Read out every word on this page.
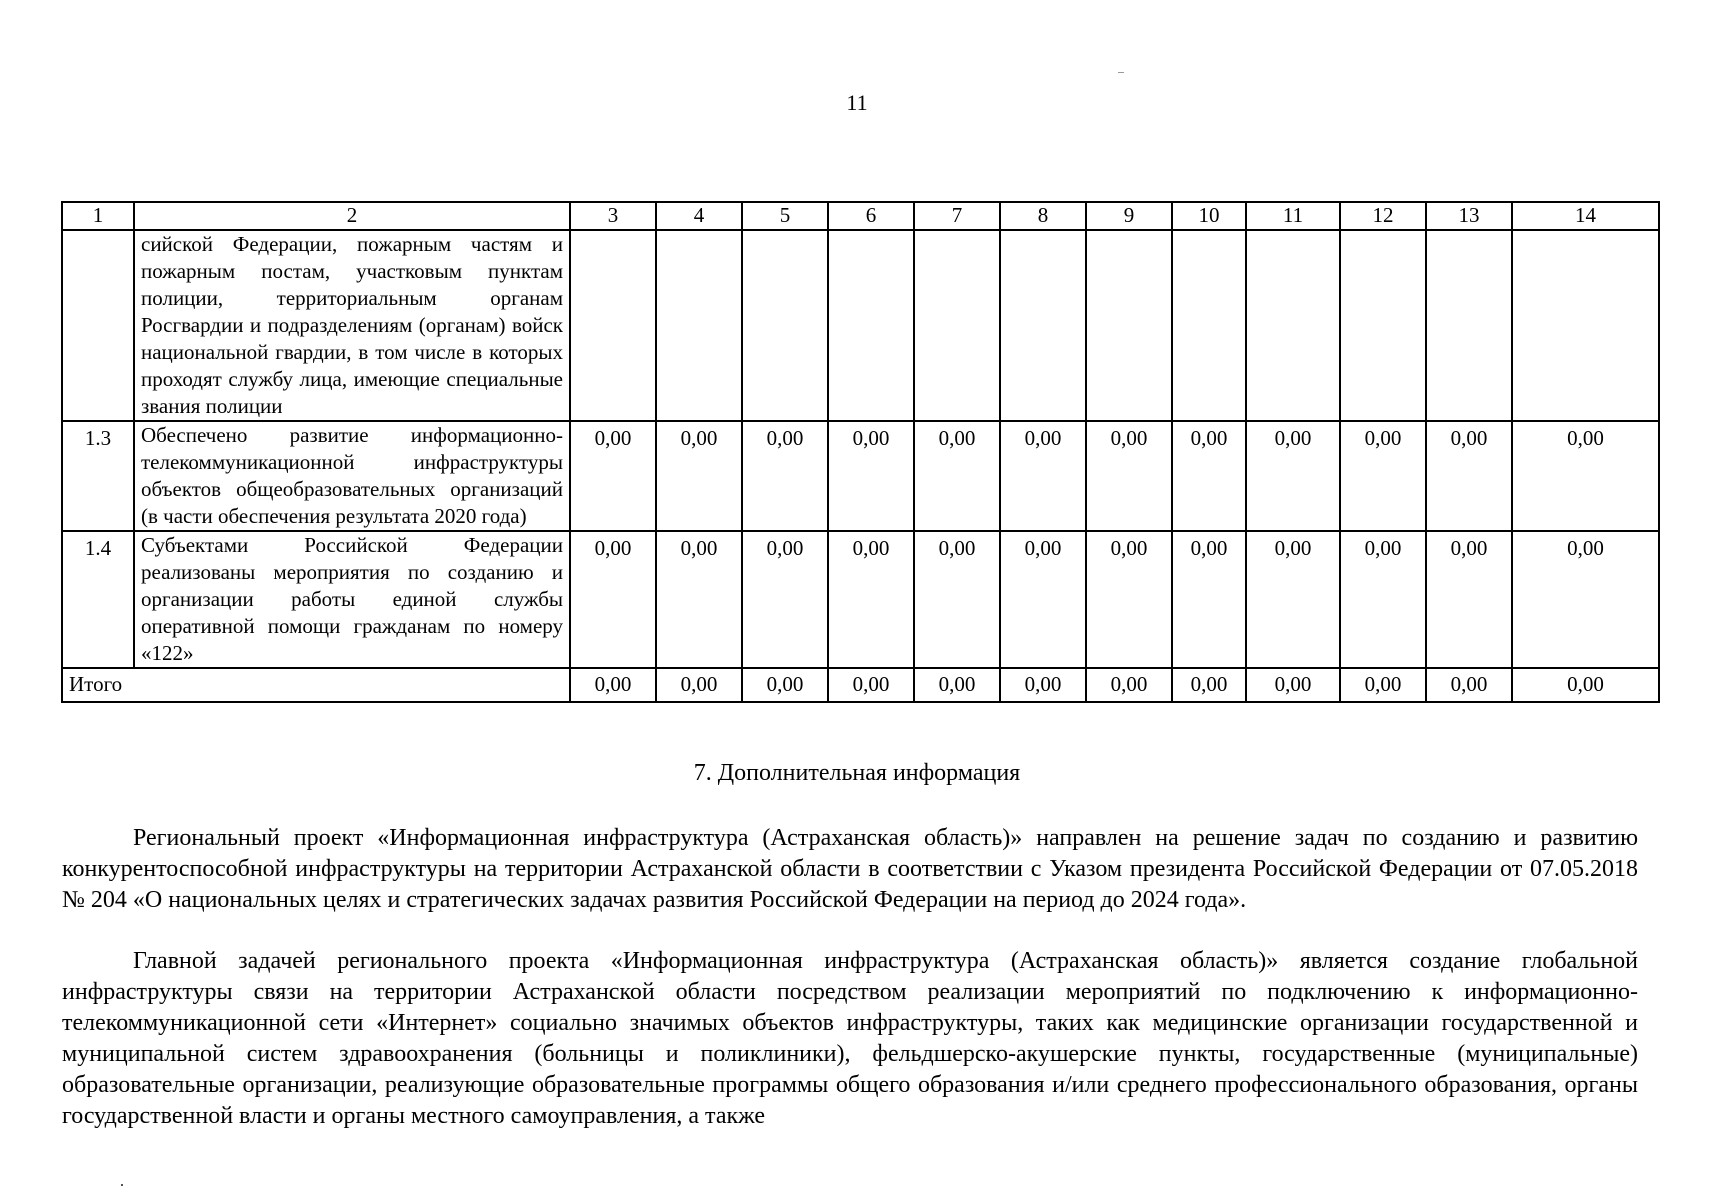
11
1	2	3	4	5	6	7	8	9	10	11	12	13	14
	сийской Федерации, пожарным частям и пожарным постам, участковым пунктам полиции, территориальным органам Росгвардии и подразделениям (органам) войск национальной гвардии, в том числе в которых проходят службу лица, имеющие специальные звания полиции												
1.3	Обеспечено развитие информационно-телекоммуникационной инфраструктуры объектов общеобразовательных организаций (в части обеспечения результата 2020 года)	0,00	0,00	0,00	0,00	0,00	0,00	0,00	0,00	0,00	0,00	0,00	0,00
1.4	Субъектами Российской Федерации реализованы мероприятия по созданию и организации работы единой службы оперативной помощи гражданам по номеру «122»	0,00	0,00	0,00	0,00	0,00	0,00	0,00	0,00	0,00	0,00	0,00	0,00
Итого		0,00	0,00	0,00	0,00	0,00	0,00	0,00	0,00	0,00	0,00	0,00	0,00
7. Дополнительная информация

Региональный проект «Информационная инфраструктура (Астраханская область)» направлен на решение задач по созданию и развитию конкурентоспособной инфраструктуры на территории Астраханской области в соответствии с Указом президента Российской Федерации от 07.05.2018 № 204 «О национальных целях и стратегических задачах развития Российской Федерации на период до 2024 года».

Главной задачей регионального проекта «Информационная инфраструктура (Астраханская область)» является создание глобальной инфраструктуры связи на территории Астраханской области посредством реализации мероприятий по подключению к информационно-телекоммуникационной сети «Интернет» социально значимых объектов инфраструктуры, таких как медицинские организации государственной и муниципальной систем здравоохранения (больницы и поликлиники), фельдшерско-акушерские пункты, государственные (муниципальные) образовательные организации, реализующие образовательные программы общего образования и/или среднего профессионального образования, органы государственной власти и органы местного самоуправления, а также
